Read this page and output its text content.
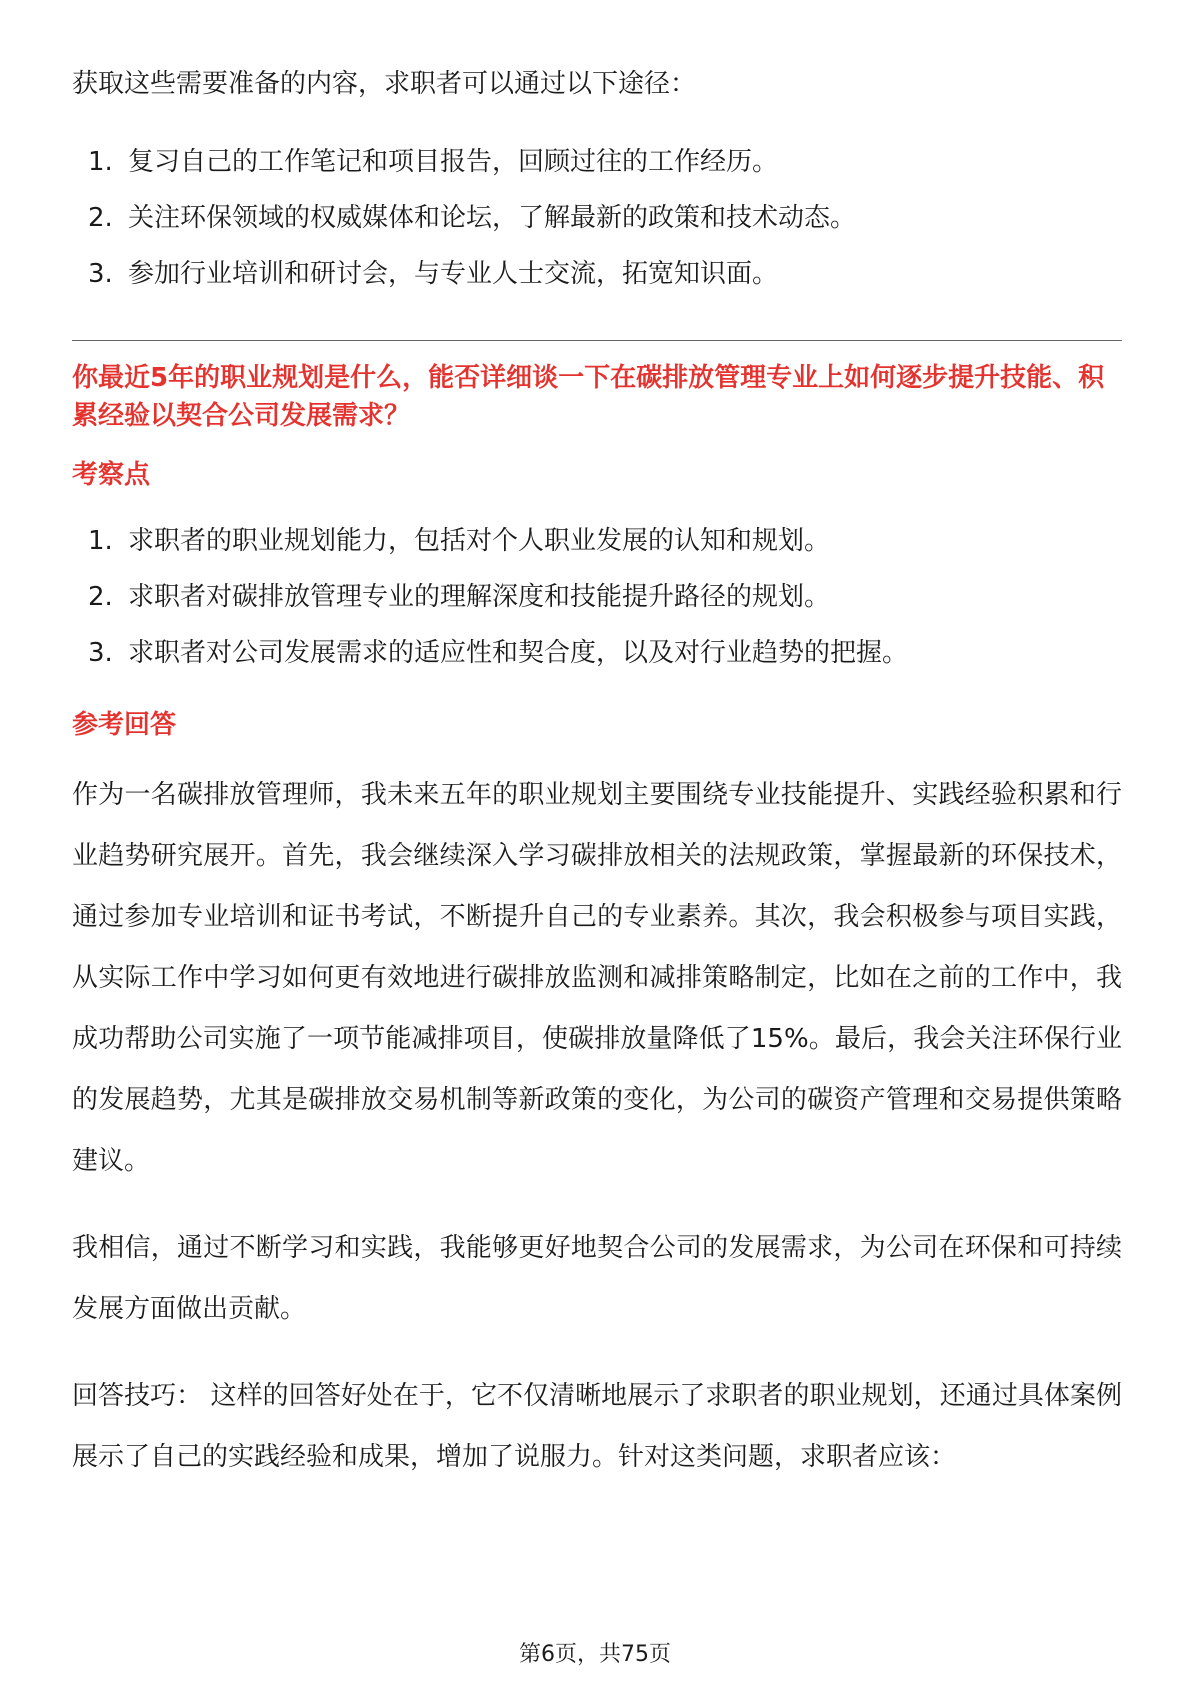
获取这些需要准备的内容，求职者可以通过以下途径：

1. 复习自己的工作笔记和项目报告，回顾过往的工作经历。
2. 关注环保领域的权威媒体和论坛，了解最新的政策和技术动态。
3. 参加行业培训和研讨会，与专业人士交流，拓宽知识面。

你最近5年的职业规划是什么，能否详细谈一下在碳排放管理专业上如何逐步提升技能、积累经验以契合公司发展需求？

考察点

1. 求职者的职业规划能力，包括对个人职业发展的认知和规划。
2. 求职者对碳排放管理专业的理解深度和技能提升路径的规划。
3. 求职者对公司发展需求的适应性和契合度，以及对行业趋势的把握。

参考回答

作为一名碳排放管理师，我未来五年的职业规划主要围绕专业技能提升、实践经验积累和行业趋势研究展开。首先，我会继续深入学习碳排放相关的法规政策，掌握最新的环保技术，通过参加专业培训和证书考试，不断提升自己的专业素养。其次，我会积极参与项目实践，从实际工作中学习如何更有效地进行碳排放监测和减排策略制定，比如在之前的工作中，我成功帮助公司实施了一项节能减排项目，使碳排放量降低了15%。最后，我会关注环保行业的发展趋势，尤其是碳排放交易机制等新政策的变化，为公司的碳资产管理和交易提供策略建议。

我相信，通过不断学习和实践，我能够更好地契合公司的发展需求，为公司在环保和可持续发展方面做出贡献。

回答技巧： 这样的回答好处在于，它不仅清晰地展示了求职者的职业规划，还通过具体案例展示了自己的实践经验和成果，增加了说服力。针对这类问题，求职者应该：

第6页，共75页
